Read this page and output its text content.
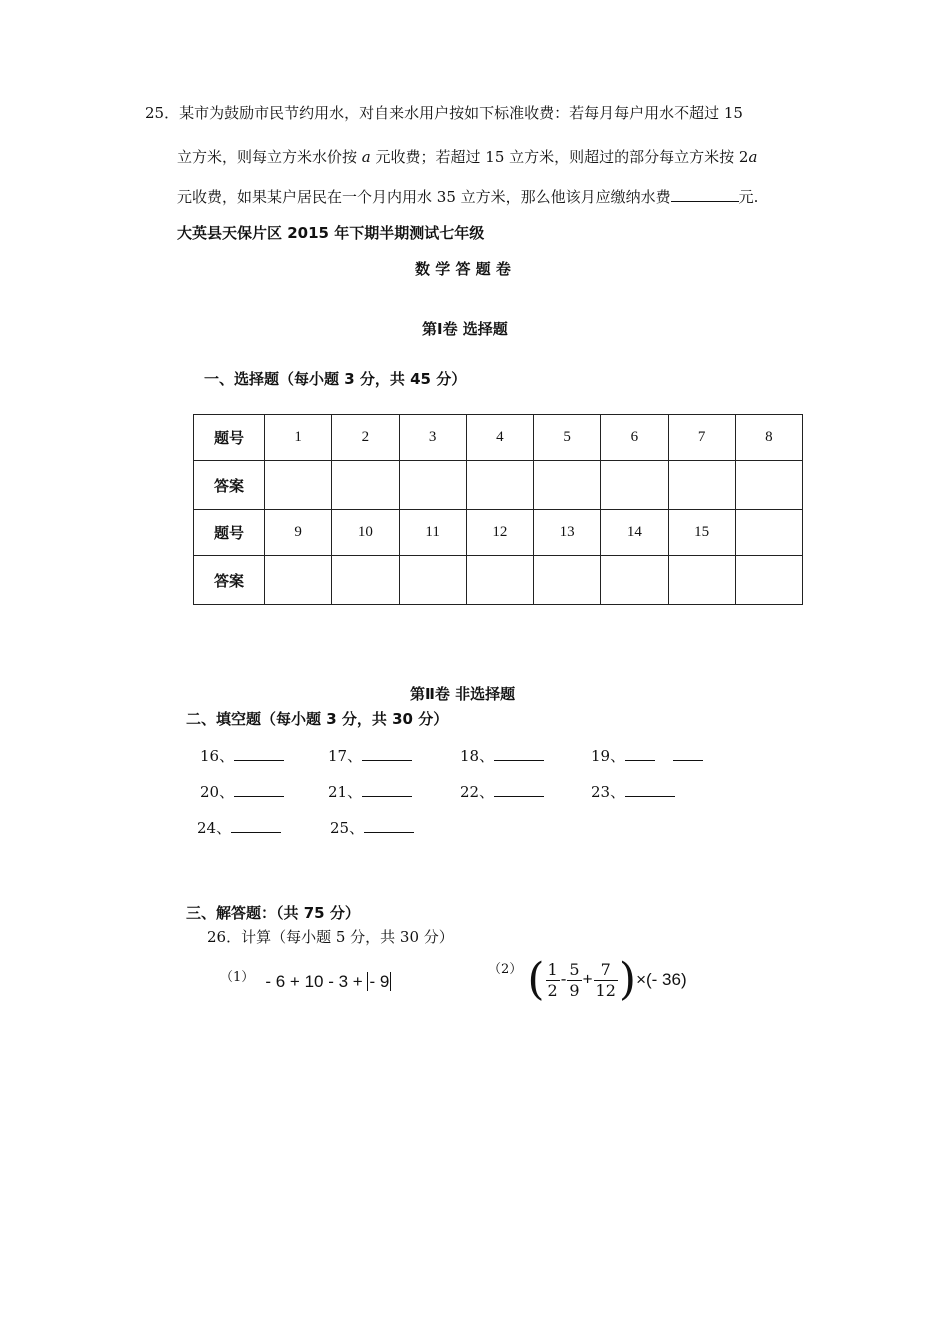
25．某市为鼓励市民节约用水，对自来水用户按如下标准收费：若每月每户用水不超过 15
立方米，则每立方米水价按 a 元收费；若超过 15 立方米，则超过的部分每立方米按 2a
元收费，如果某户居民在一个月内用水 35 立方米，那么他该月应缴纳水费	元.
大英县天保片区 2015 年下期半期测试七年级
数 学 答 题 卷
第Ⅰ卷 选择题
一、选择题（每小题 3 分，共 45 分）
题号	1	2	3	4	5	6	7	8
答案								
题号	9	10	11	12	13	14	15	
答案								
第Ⅱ卷 非选择题
二、填空题（每小题 3 分，共 30 分）
16、	17、	18、	19、
20、	21、	22、	23、
24、	25、
三、解答题：（共 75 分）
26．计算（每小题 5 分，共 30 分）
$^{(1)}$ - 6 + 10 - 3 + - 9
$^{(2)}$ ( $\frac{1}{2} - \frac{5}{9} + \frac{7}{12}$ )×(- 36)
